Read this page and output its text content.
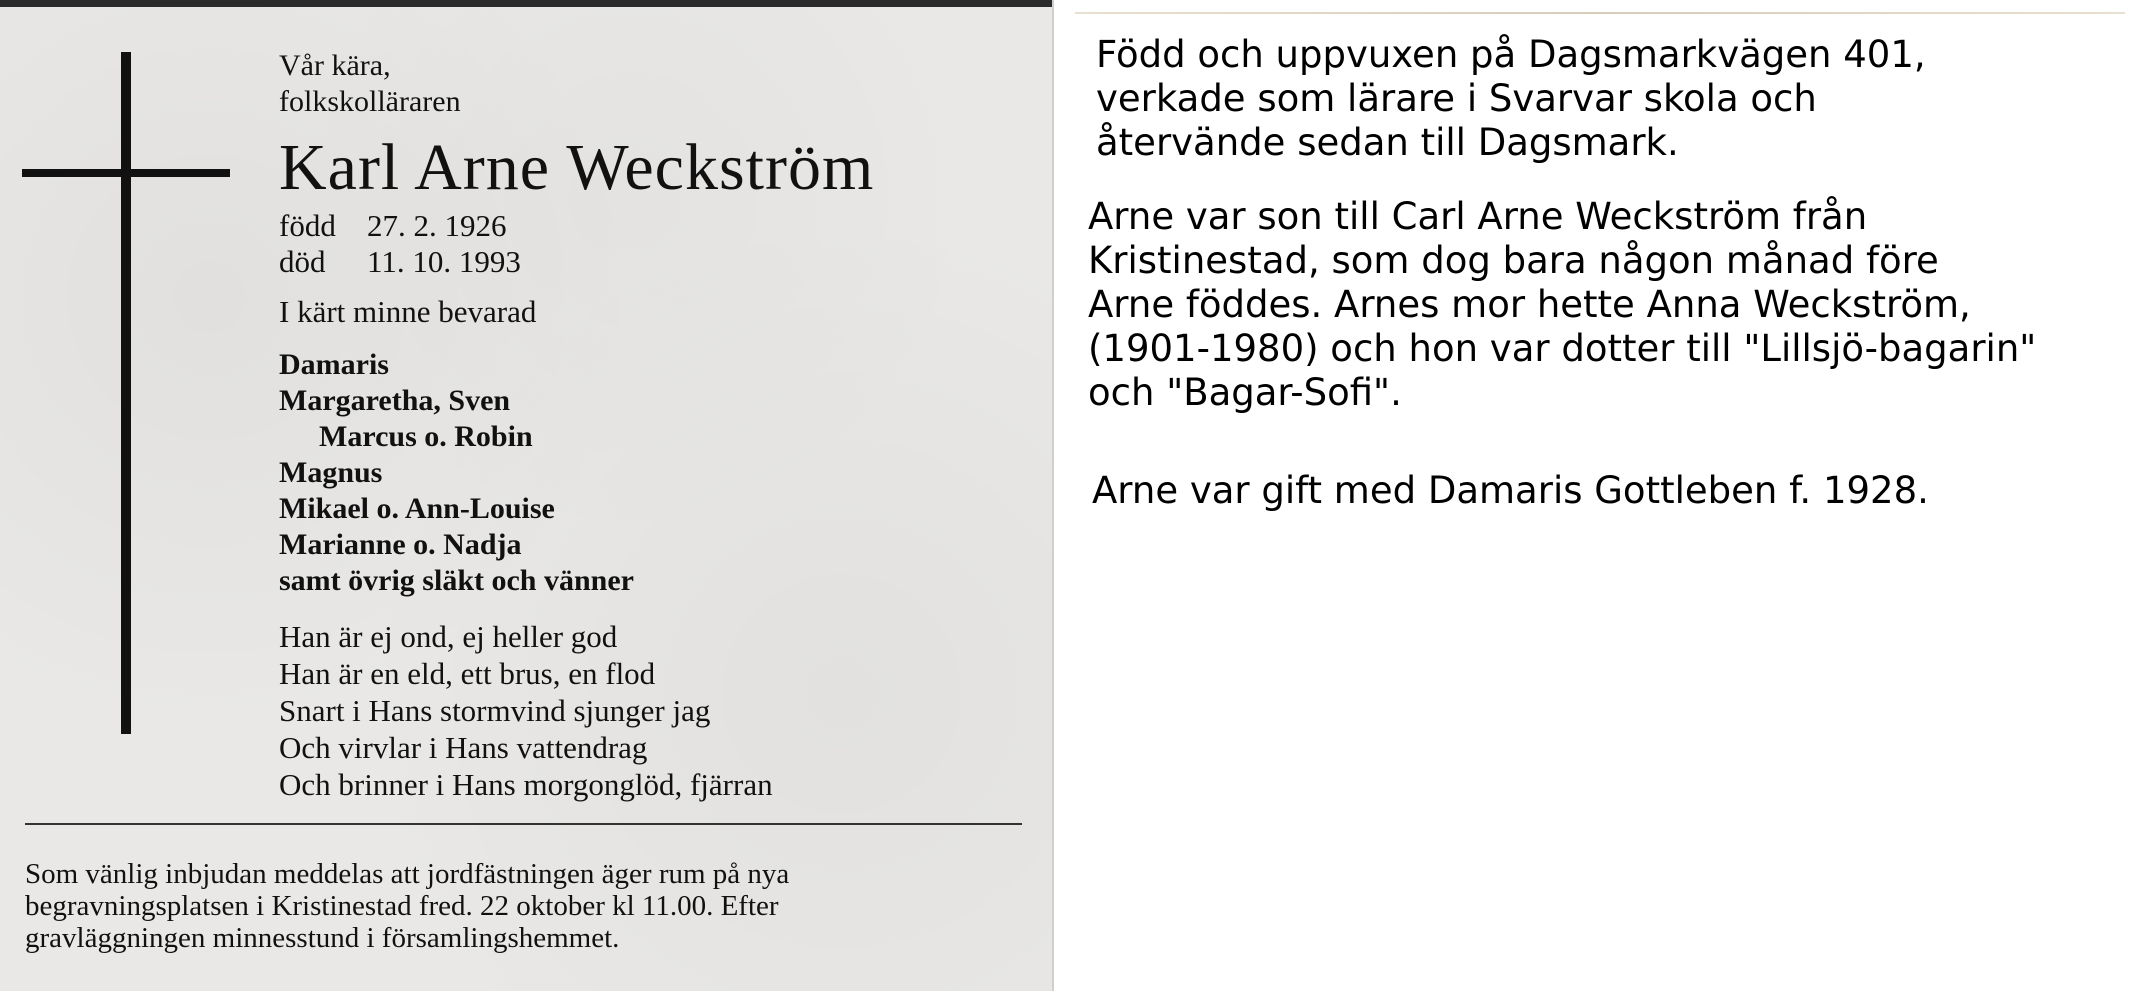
Vår kära,
folkskolläraren

Karl Arne Weckström
född	27. 2. 1926
död	11. 10. 1993
I kärt minne bevarad
Damaris
Margaretha, Sven
Marcus o. Robin
Magnus
Mikael o. Ann-Louise
Marianne o. Nadja
samt övrig släkt och vänner
Han är ej ond, ej heller god
Han är en eld, ett brus, en flod
Snart i Hans stormvind sjunger jag
Och virvlar i Hans vattendrag
Och brinner i Hans morgonglöd, fjärran

Som vänlig inbjudan meddelas att jordfästningen äger rum på nya
begravningsplatsen i Kristinestad fred. 22 oktober kl 11.00. Efter
gravläggningen minnesstund i församlingshemmet.

Född och uppvuxen på Dagsmarkvägen 401,
verkade som lärare i Svarvar skola och
återvände sedan till Dagsmark.

Arne var son till Carl Arne Weckström från
Kristinestad, som dog bara någon månad före
Arne föddes. Arnes mor hette Anna Weckström,
(1901-1980) och hon var dotter till "Lillsjö-bagarin"
och "Bagar-Sofi".

Arne var gift med Damaris Gottleben f. 1928.
